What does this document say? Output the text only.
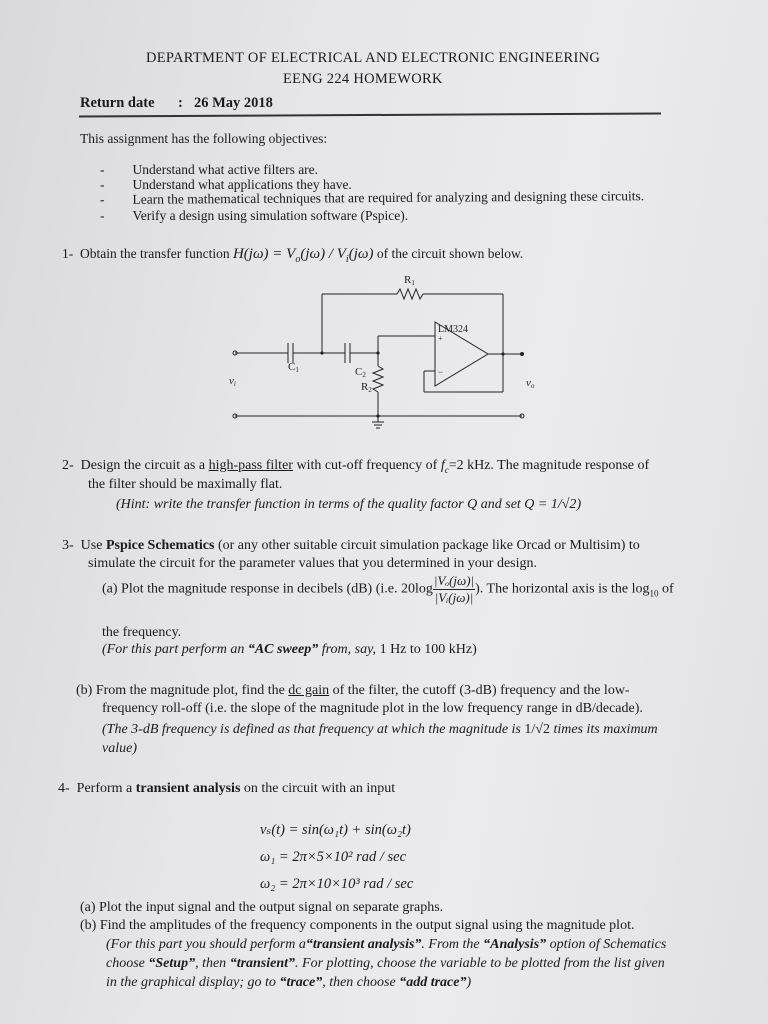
DEPARTMENT OF ELECTRICAL AND ELECTRONIC ENGINEERING
EENG 224 HOMEWORK
Return date : 26 May 2018
This assignment has the following objectives:
- Understand what active filters are.
- Understand what applications they have.
- Learn the mathematical techniques that are required for analyzing and designing these circuits.
- Verify a design using simulation software (Pspice).
1- Obtain the transfer function $H(j\omega) = V_o(j\omega) / V_i(j\omega)$ of the circuit shown below.
R1
LM324
+
−
C1	C2
R2
vi	vo
2- Design the circuit as a high-pass filter with cut-off frequency of $f_c=2$ kHz. The magnitude response of
the filter should be maximally flat.
(Hint: write the transfer function in terms of the quality factor Q and set Q = 1/√2)
3- Use Pspice Schematics (or any other suitable circuit simulation package like Orcad or Multisim) to
simulate the circuit for the parameter values that you determined in your design.
(a) Plot the magnitude response in decibels (dB) (i.e. $20\log \frac{\text{|Vₒ(jω)|}}{\text{|Vᵢ(jω)|}}$ ). The horizontal axis is the $\log_{10}$ of
the frequency.
(For this part perform an “AC sweep” from, say, 1 Hz to 100 kHz)
(b) From the magnitude plot, find the dc gain of the filter, the cutoff (3-dB) frequency and the low-
frequency roll-off (i.e. the slope of the magnitude plot in the low frequency range in dB/decade).
(The 3-dB frequency is defined as that frequency at which the magnitude is 1/√2 times its maximum
value)
4- Perform a transient analysis on the circuit with an input
vₛ(t) = sin(ω₁t) + sin(ω₂t)
ω₁ = 2π×5×10² rad / sec
ω₂ = 2π×10×10³ rad / sec
(a) Plot the input signal and the output signal on separate graphs.
(b) Find the amplitudes of the frequency components in the output signal using the magnitude plot.
(For this part you should perform a“transient analysis”. From the “Analysis” option of Schematics
choose “Setup”, then “transient”. For plotting, choose the variable to be plotted from the list given
in the graphical display; go to “trace”, then choose “add trace”)
